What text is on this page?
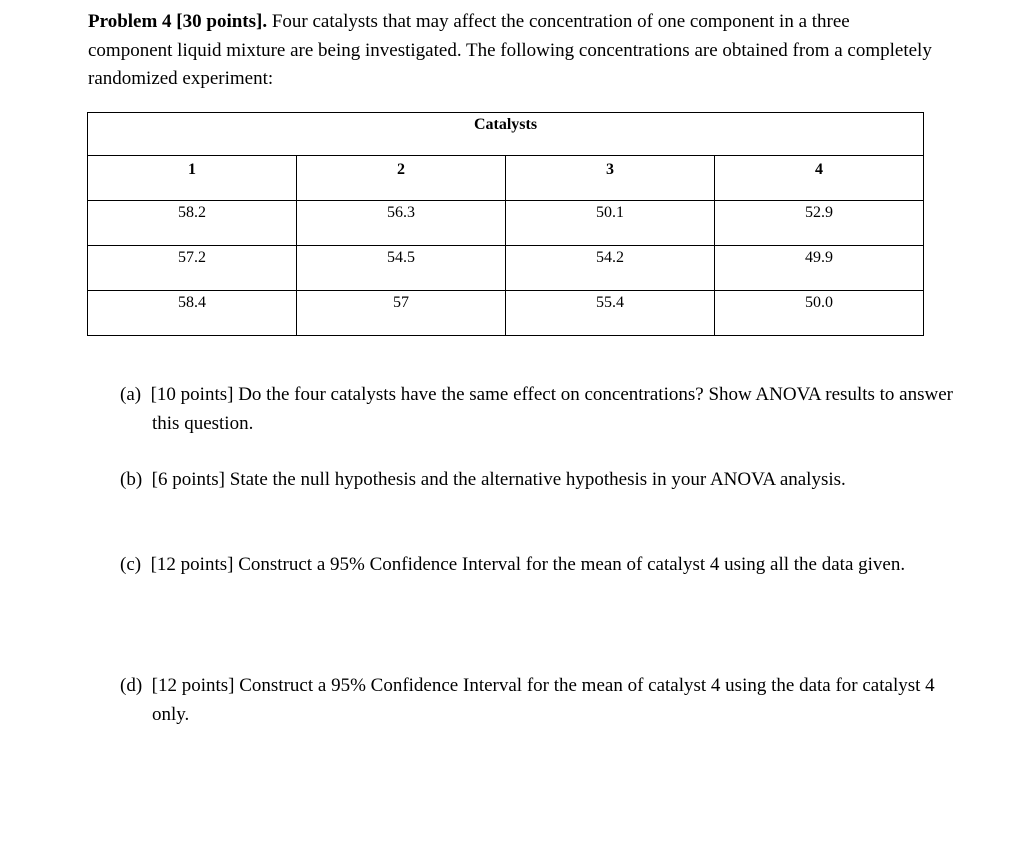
Problem 4 [30 points]. Four catalysts that may affect the concentration of one component in a three component liquid mixture are being investigated. The following concentrations are obtained from a completely randomized experiment:
Catalysts			
1	2	3	4
58.2	56.3	50.1	52.9
57.2	54.5	54.2	49.9
58.4	57	55.4	50.0
(a) [10 points] Do the four catalysts have the same effect on concentrations? Show ANOVA results to answer this question.
(b) [6 points] State the null hypothesis and the alternative hypothesis in your ANOVA analysis.
(c) [12 points] Construct a 95% Confidence Interval for the mean of catalyst 4 using all the data given.
(d) [12 points] Construct a 95% Confidence Interval for the mean of catalyst 4 using the data for catalyst 4 only.
